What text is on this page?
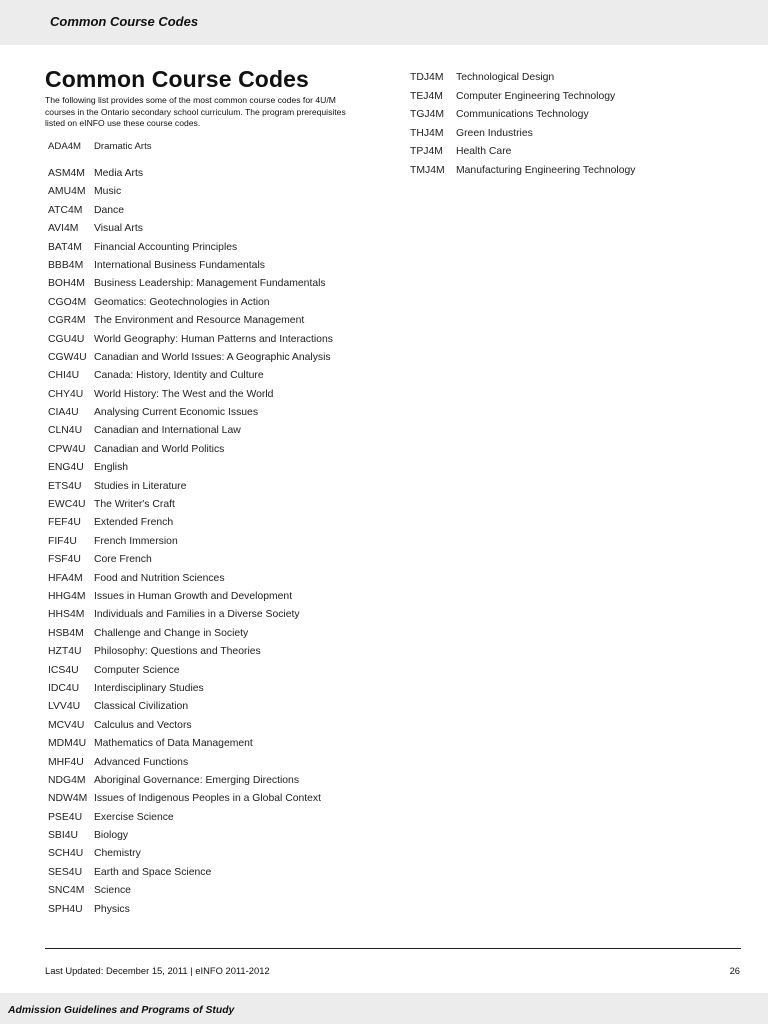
Common Course Codes
Common Course Codes
The following list provides some of the most common course codes for 4U/M courses in the Ontario secondary school curriculum. The program prerequisites listed on eINFO use these course codes.
ADA4M	Dramatic Arts
ASM4M Media Arts
AMU4M Music
ATC4M	Dance
AVI4M	Visual Arts
BAT4M	Financial Accounting Principles
BBB4M	International Business Fundamentals
BOH4M Business Leadership: Management Fundamentals
CGO4M Geomatics: Geotechnologies in Action
CGR4M The Environment and Resource Management
CGU4U World Geography: Human Patterns and Interactions
CGW4U Canadian and World Issues: A Geographic Analysis
CHI4U	Canada: History, Identity and Culture
CHY4U	World History: The West and the World
CIA4U	Analysing Current Economic Issues
CLN4U	Canadian and International Law
CPW4U Canadian and World Politics
ENG4U English
ETS4U	Studies in Literature
EWC4U The Writer's Craft
FEF4U	Extended French
FIF4U	French Immersion
FSF4U	Core French
HFA4M	Food and Nutrition Sciences
HHG4M Issues in Human Growth and Development
HHS4M Individuals and Families in a Diverse Society
HSB4M Challenge and Change in Society
HZT4U	Philosophy: Questions and Theories
ICS4U	Computer Science
IDC4U	Interdisciplinary Studies
LVV4U	Classical Civilization
MCV4U Calculus and Vectors
MDM4U Mathematics of Data Management
MHF4U Advanced Functions
NDG4M Aboriginal Governance: Emerging Directions
NDW4M Issues of Indigenous Peoples in a Global Context
PSE4U	Exercise Science
SBI4U	Biology
SCH4U	Chemistry
SES4U	Earth and Space Science
SNC4M Science
SPH4U	Physics
TDJ4M	Technological Design
TEJ4M	Computer Engineering Technology
TGJ4M	Communications Technology
THJ4M	Green Industries
TPJ4M	Health Care
TMJ4M	Manufacturing Engineering Technology
Last Updated: December 15, 2011 | eINFO 2011-2012	26
Admission Guidelines and Programs of Study
